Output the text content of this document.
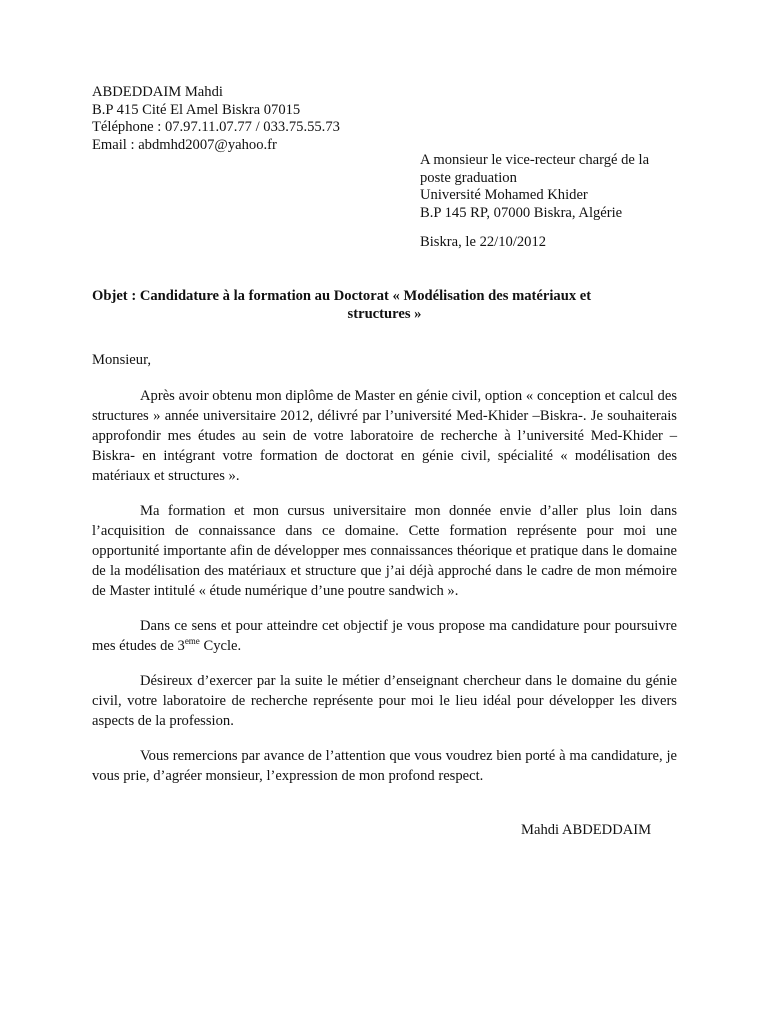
ABDEDDAIM Mahdi
B.P 415 Cité El Amel Biskra 07015
Téléphone : 07.97.11.07.77 / 033.75.55.73
Email : abdmhd2007@yahoo.fr
A monsieur le vice-recteur chargé de la
poste graduation
Université Mohamed Khider
B.P 145 RP, 07000 Biskra, Algérie
Biskra, le 22/10/2012
Objet : Candidature à la formation au Doctorat « Modélisation des matériaux et
structures »
Monsieur,

Après avoir obtenu mon diplôme de Master en génie civil, option « conception et calcul des structures » année universitaire 2012, délivré par l’université Med-Khider –Biskra-. Je souhaiterais approfondir mes études au sein de votre laboratoire de recherche à l’université Med-Khider –Biskra- en intégrant votre formation de doctorat en génie civil, spécialité « modélisation des matériaux et structures ».

Ma formation et mon cursus universitaire mon donnée envie d’aller plus loin dans l’acquisition de connaissance dans ce domaine. Cette formation représente pour moi une opportunité importante afin de développer mes connaissances théorique et pratique dans le domaine de la modélisation des matériaux et structure que j’ai déjà approché dans le cadre de mon mémoire de Master intitulé « étude numérique d’une poutre sandwich ».

Dans ce sens et pour atteindre cet objectif je vous propose ma candidature pour poursuivre mes études de 3eme Cycle.

Désireux d’exercer par la suite le métier d’enseignant chercheur dans le domaine du génie civil, votre laboratoire de recherche représente pour moi le lieu idéal pour développer les divers aspects de la profession.

Vous remercions par avance de l’attention que vous voudrez bien porté à ma candidature, je vous prie, d’agréer monsieur, l’expression de mon profond respect.

Mahdi ABDEDDAIM
